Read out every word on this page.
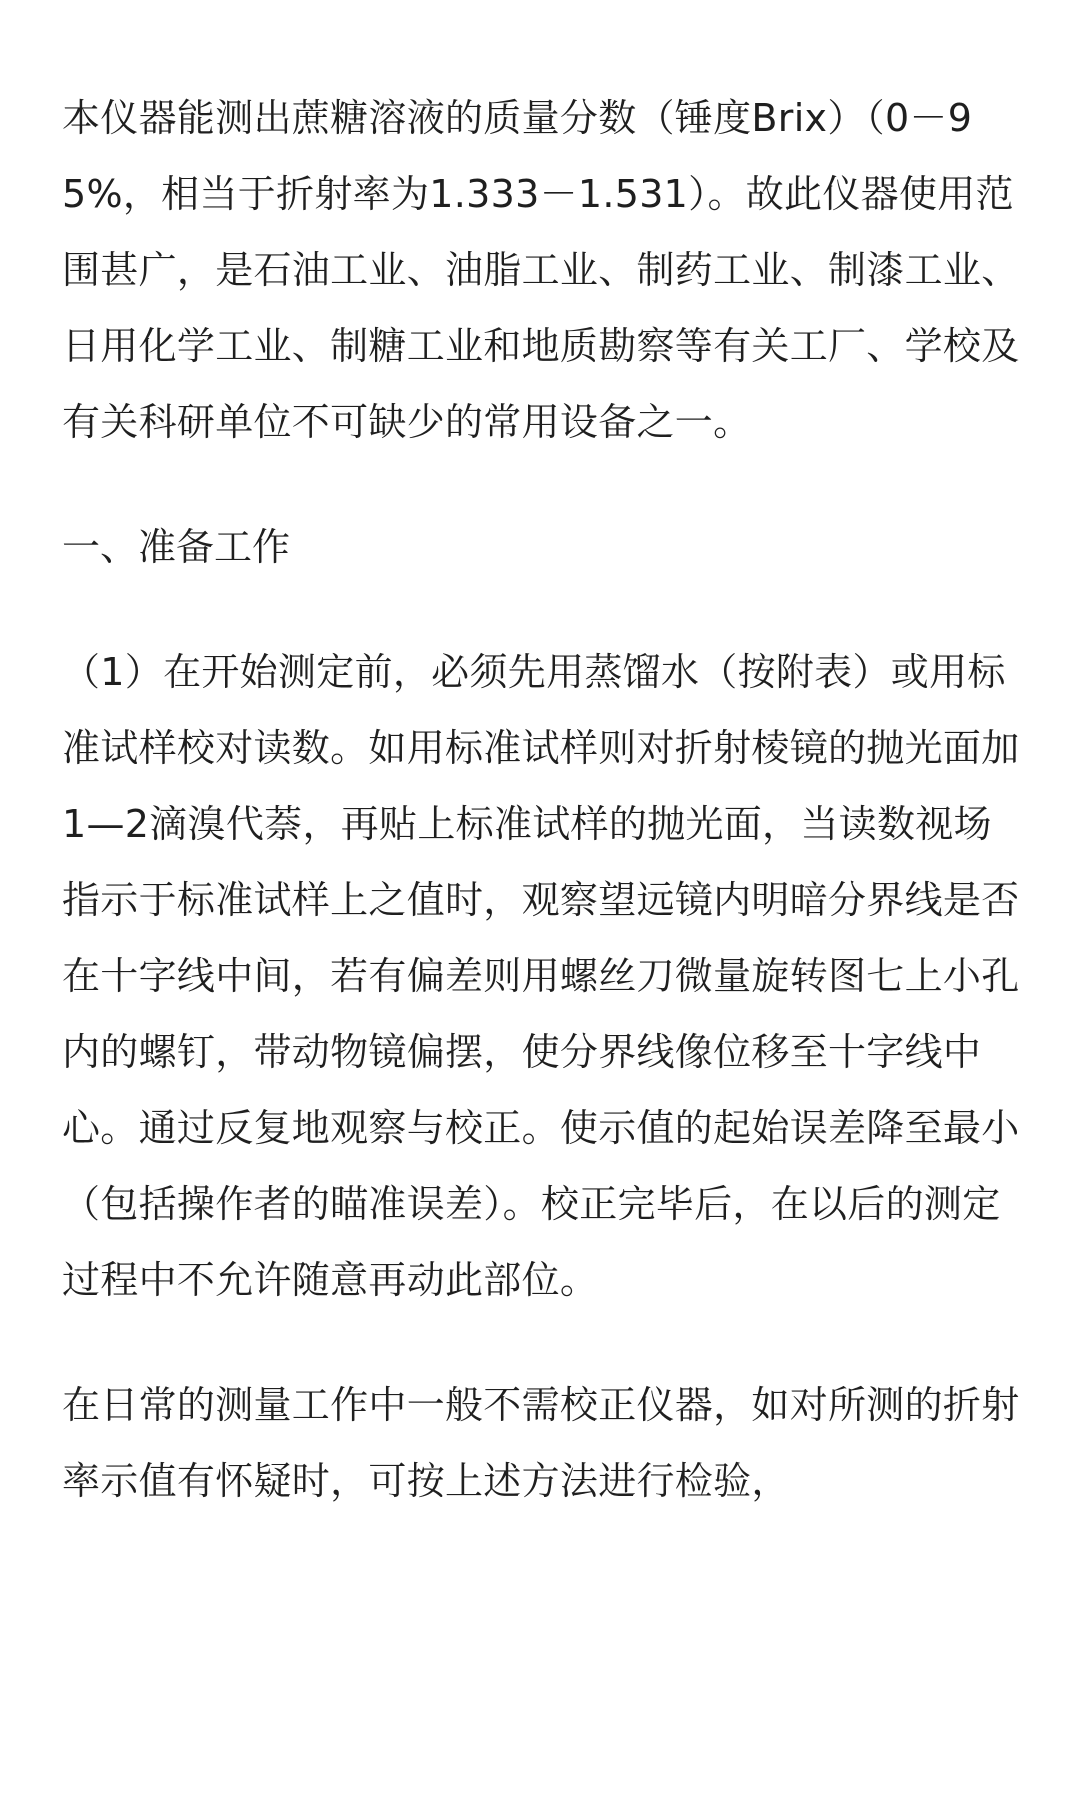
本仪器能测出蔗糖溶液的质量分数（锤度Brix）（0－95%，相当于折射率为1.333－1.531）。故此仪器使用范围甚广，是石油工业、油脂工业、制药工业、制漆工业、日用化学工业、制糖工业和地质勘察等有关工厂、学校及有关科研单位不可缺少的常用设备之一。

一、准备工作

（1）在开始测定前，必须先用蒸馏水（按附表）或用标准试样校对读数。如用标准试样则对折射棱镜的抛光面加1—2滴溴代萘，再贴上标准试样的抛光面，当读数视场指示于标准试样上之值时，观察望远镜内明暗分界线是否在十字线中间，若有偏差则用螺丝刀微量旋转图七上小孔内的螺钉，带动物镜偏摆，使分界线像位移至十字线中心。通过反复地观察与校正。使示值的起始误差降至最小（包括操作者的瞄准误差）。校正完毕后，在以后的测定过程中不允许随意再动此部位。

在日常的测量工作中一般不需校正仪器，如对所测的折射率示值有怀疑时，可按上述方法进行检验，
